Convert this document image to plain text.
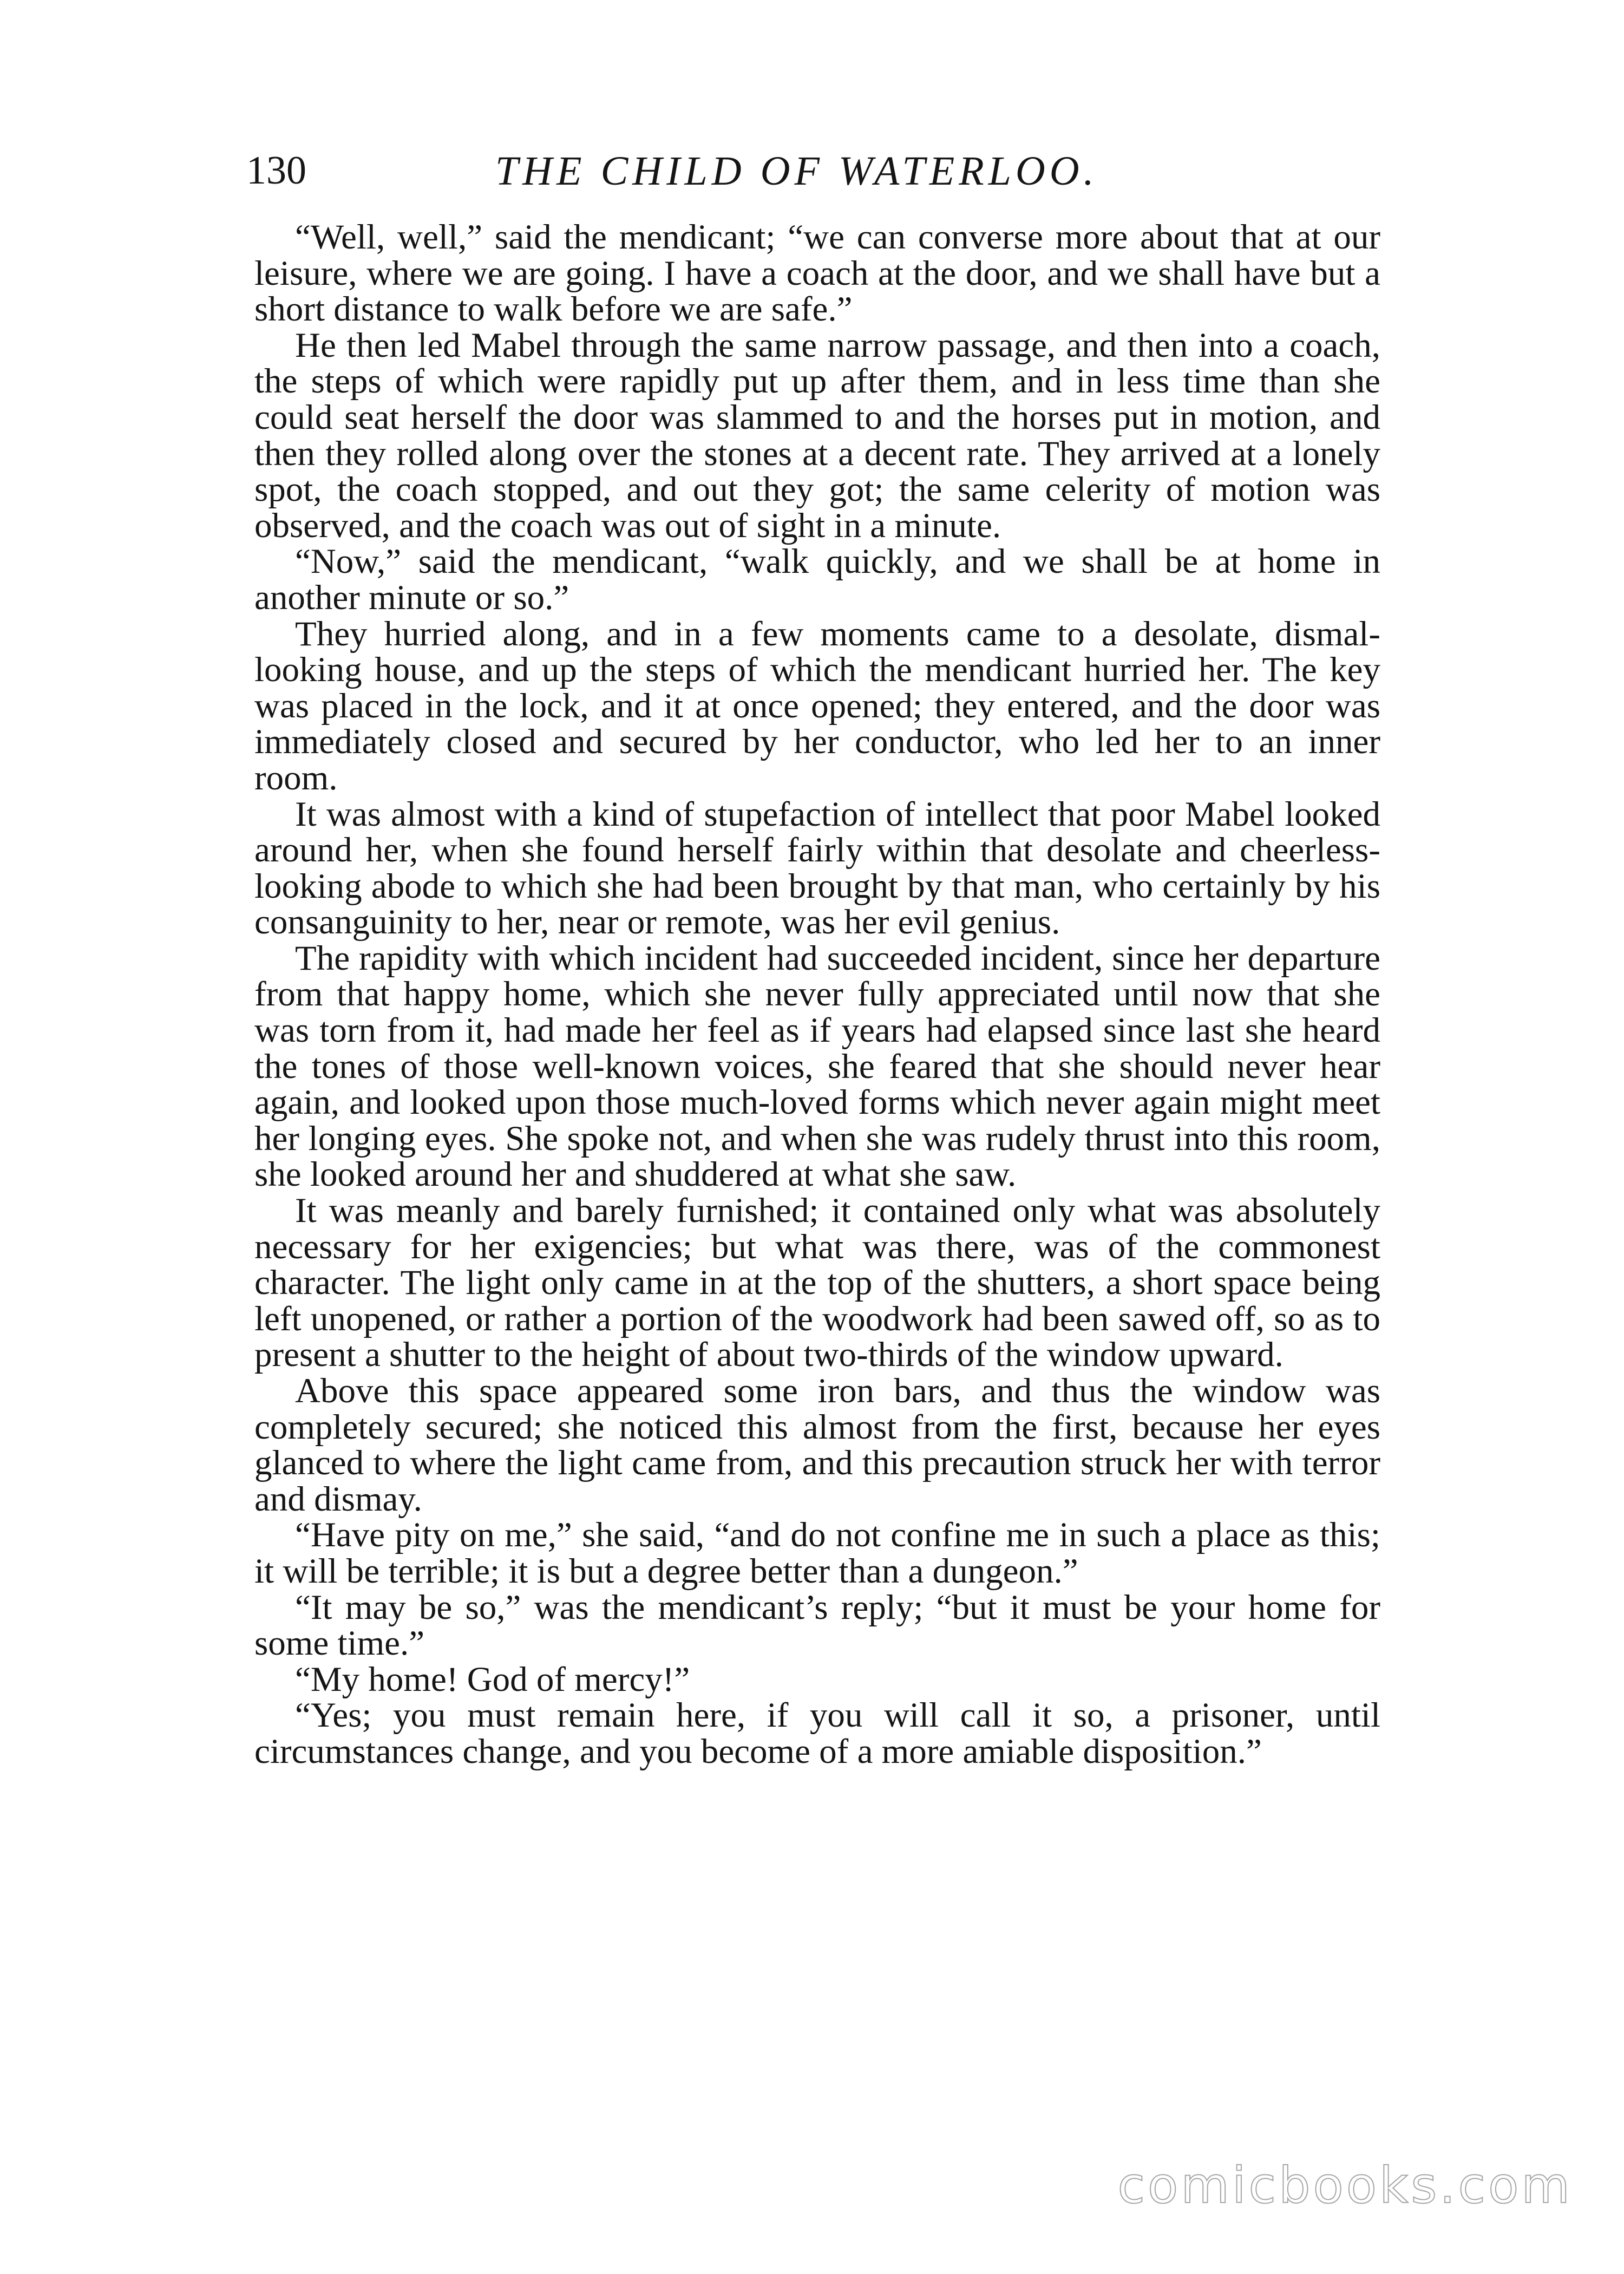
130	THE CHILD OF WATERLOO.

“Well, well,” said the mendicant; “we can converse more about that at our leisure, where we are going. I have a coach at the door, and we shall have but a short distance to walk before we are safe.”

He then led Mabel through the same narrow passage, and then into a coach, the steps of which were rapidly put up after them, and in less time than she could seat herself the door was slammed to and the horses put in motion, and then they rolled along over the stones at a decent rate. They arrived at a lonely spot, the coach stopped, and out they got; the same celerity of motion was observed, and the coach was out of sight in a minute.

“Now,” said the mendicant, “walk quickly, and we shall be at home in another minute or so.”

They hurried along, and in a few moments came to a desolate, dismal-looking house, and up the steps of which the mendicant hurried her. The key was placed in the lock, and it at once opened; they entered, and the door was immediately closed and secured by her conductor, who led her to an inner room.

It was almost with a kind of stupefaction of intellect that poor Mabel looked around her, when she found herself fairly within that desolate and cheerless-looking abode to which she had been brought by that man, who certainly by his consanguinity to her, near or remote, was her evil genius.

The rapidity with which incident had succeeded incident, since her departure from that happy home, which she never fully appreciated until now that she was torn from it, had made her feel as if years had elapsed since last she heard the tones of those well-known voices, she feared that she should never hear again, and looked upon those much-loved forms which never again might meet her longing eyes. She spoke not, and when she was rudely thrust into this room, she looked around her and shuddered at what she saw.

It was meanly and barely furnished; it contained only what was absolutely necessary for her exigencies; but what was there, was of the commonest character. The light only came in at the top of the shutters, a short space being left unopened, or rather a portion of the woodwork had been sawed off, so as to present a shutter to the height of about two-thirds of the window upward.

Above this space appeared some iron bars, and thus the window was completely secured; she noticed this almost from the first, because her eyes glanced to where the light came from, and this precaution struck her with terror and dismay.

“Have pity on me,” she said, “and do not confine me in such a place as this; it will be terrible; it is but a degree better than a dungeon.”

“It may be so,” was the mendicant’s reply; “but it must be your home for some time.”

“My home! God of mercy!”

“Yes; you must remain here, if you will call it so, a prisoner, until circumstances change, and you become of a more amiable disposition.”

comicbooks.com
